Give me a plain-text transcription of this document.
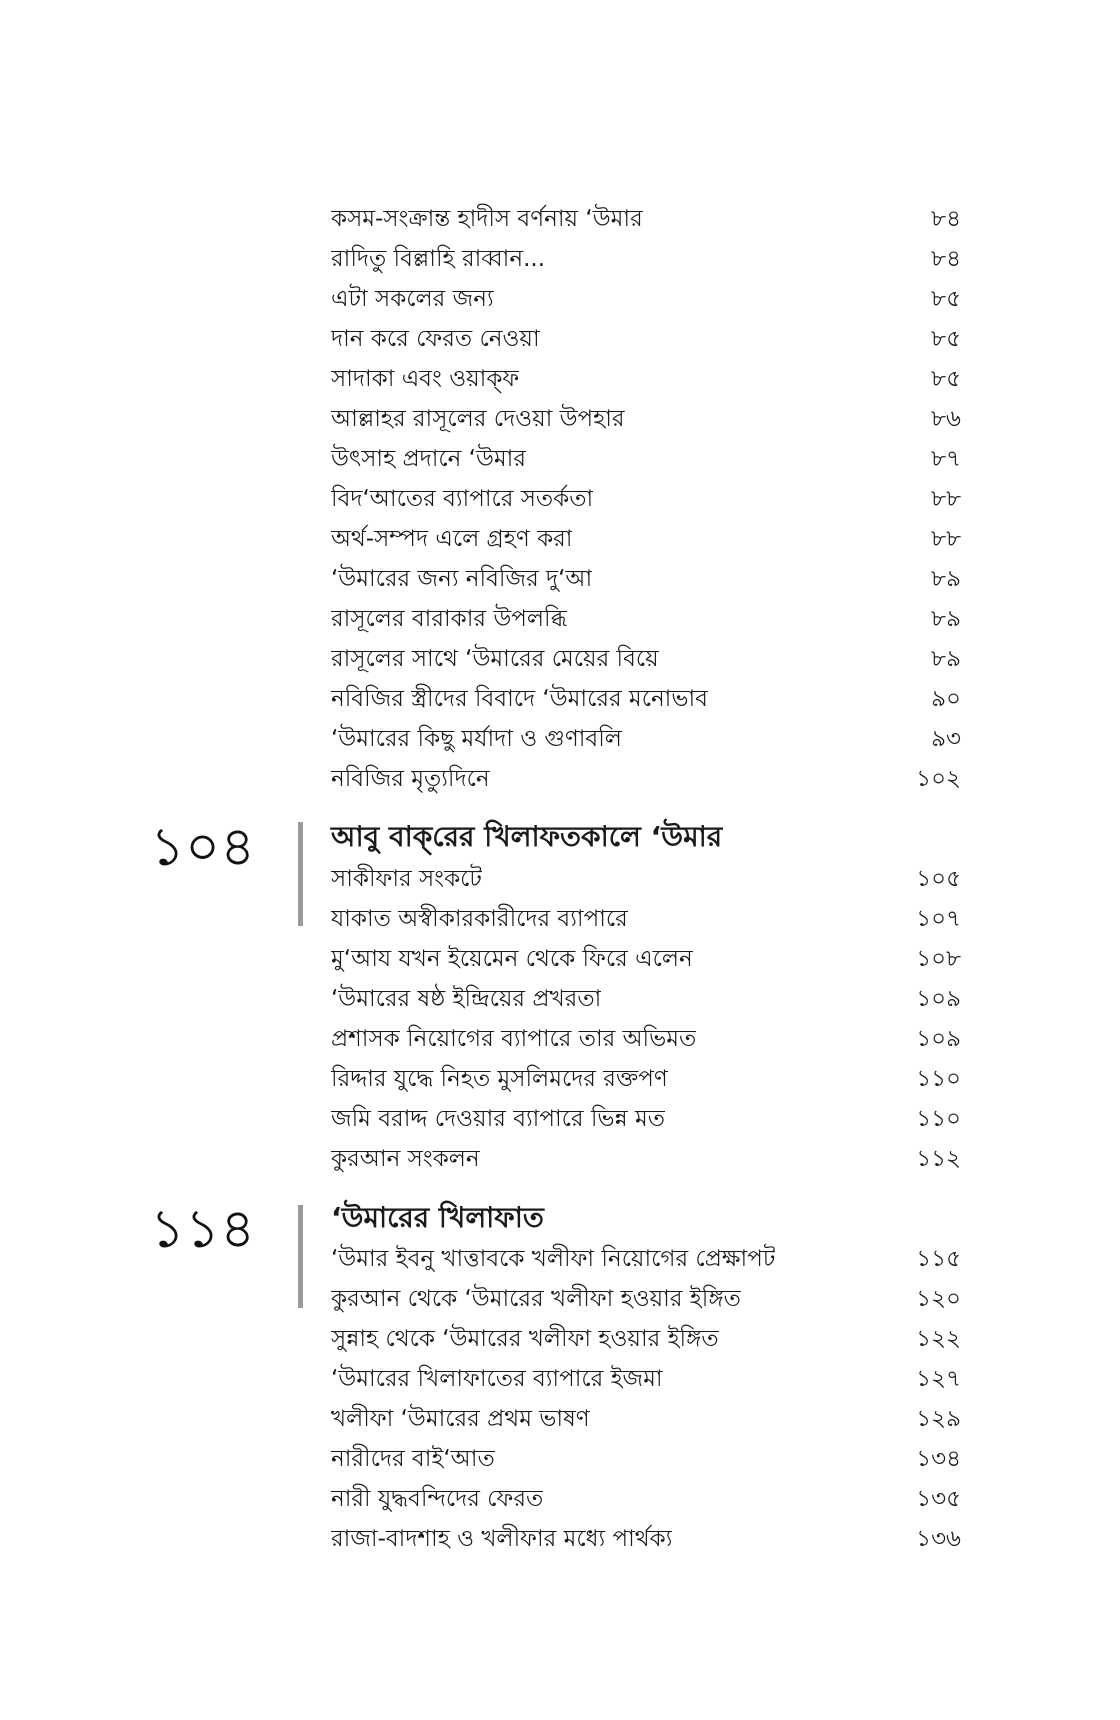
কসম-সংক্রান্ত হাদীস বর্ণনায় ‘উমার	৮৪
রাদিতু বিল্লাহি রাব্বান...	৮৪
এটা সকলের জন্য	৮৫
দান করে ফেরত নেওয়া	৮৫
সাদাকা এবং ওয়াক্ফ	৮৫
আল্লাহর রাসূলের দেওয়া উপহার	৮৬
উৎসাহ প্রদানে ‘উমার	৮৭
বিদ‘আতের ব্যাপারে সতর্কতা	৮৮
অর্থ-সম্পদ এলে গ্রহণ করা	৮৮
‘উমারের জন্য নবিজির দু‘আ	৮৯
রাসূলের বারাকার উপলব্ধি	৮৯
রাসূলের সাথে ‘উমারের মেয়ের বিয়ে	৮৯
নবিজির স্ত্রীদের বিবাদে ‘উমারের মনোভাব	৯০
‘উমারের কিছু মর্যাদা ও গুণাবলি	৯৩
নবিজির মৃত্যুদিনে	১০২
১০৪	আবু বাক্‌রের খিলাফতকালে ‘উমার
সাকীফার সংকটে	১০৫
যাকাত অস্বীকারকারীদের ব্যাপারে	১০৭
মু‘আয যখন ইয়েমেন থেকে ফিরে এলেন	১০৮
‘উমারের ষষ্ঠ ইন্দ্রিয়ের প্রখরতা	১০৯
প্রশাসক নিয়োগের ব্যাপারে তার অভিমত	১০৯
রিদ্দার যুদ্ধে নিহত মুসলিমদের রক্তপণ	১১০
জমি বরাদ্দ দেওয়ার ব্যাপারে ভিন্ন মত	১১০
কুরআন সংকলন	১১২
১১৪	‘উমারের খিলাফাত
‘উমার ইবনু খাত্তাবকে খলীফা নিয়োগের প্রেক্ষাপট	১১৫
কুরআন থেকে ‘উমারের খলীফা হওয়ার ইঙ্গিত	১২০
সুন্নাহ থেকে ‘উমারের খলীফা হওয়ার ইঙ্গিত	১২২
‘উমারের খিলাফাতের ব্যাপারে ইজমা	১২৭
খলীফা ‘উমারের প্রথম ভাষণ	১২৯
নারীদের বাই‘আত	১৩৪
নারী যুদ্ধবন্দিদের ফেরত	১৩৫
রাজা-বাদশাহ ও খলীফার মধ্যে পার্থক্য	১৩৬
